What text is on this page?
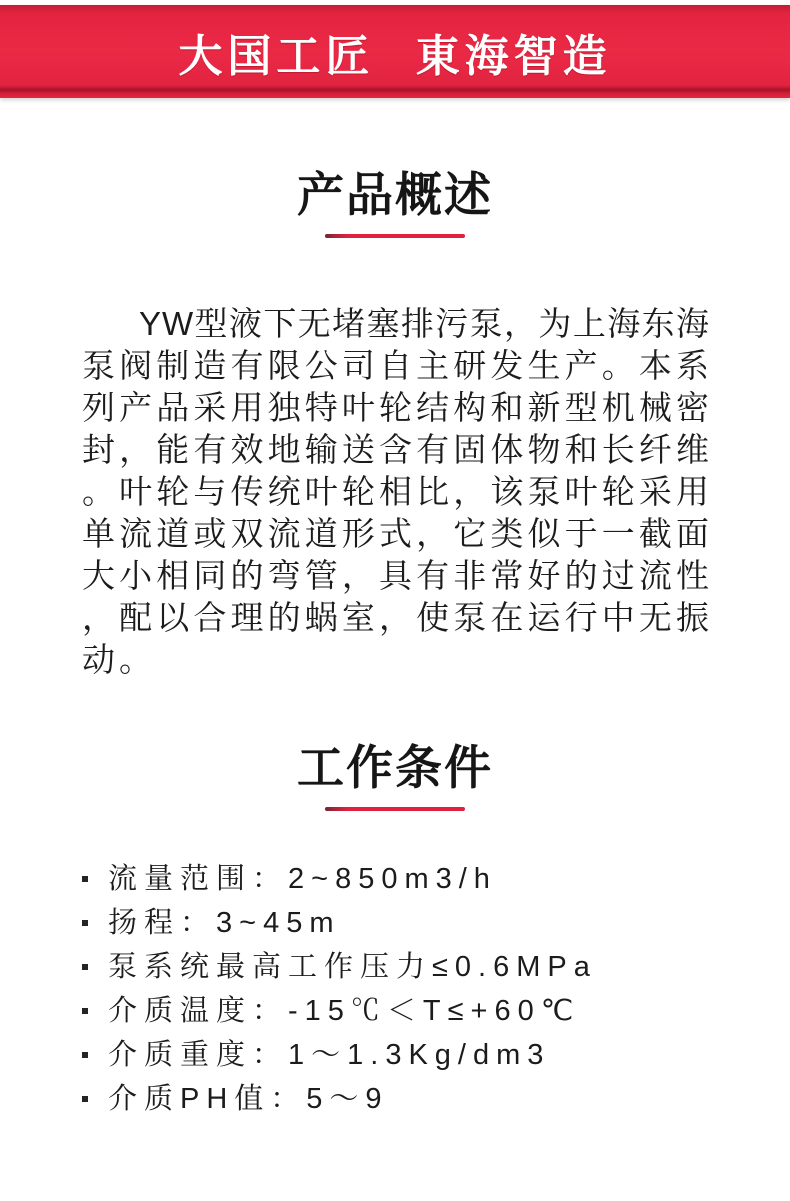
大国工匠 東海智造
产品概述
YW型液下无堵塞排污泵，为上海东海
泵阀制造有限公司自主研发生产。本系
列产品采用独特叶轮结构和新型机械密
封，能有效地输送含有固体物和长纤维
。叶轮与传统叶轮相比，该泵叶轮采用
单流道或双流道形式，它类似于一截面
大小相同的弯管，具有非常好的过流性
，配以合理的蜗室，使泵在运行中无振
动。
工作条件
流量范围：2~850m3/h
扬程：3~45m
泵系统最高工作压力≤0.6MPa
介质温度：-15℃＜T≤+60℃
介质重度：1～1.3Kg/dm3
介质PH值：5～9
